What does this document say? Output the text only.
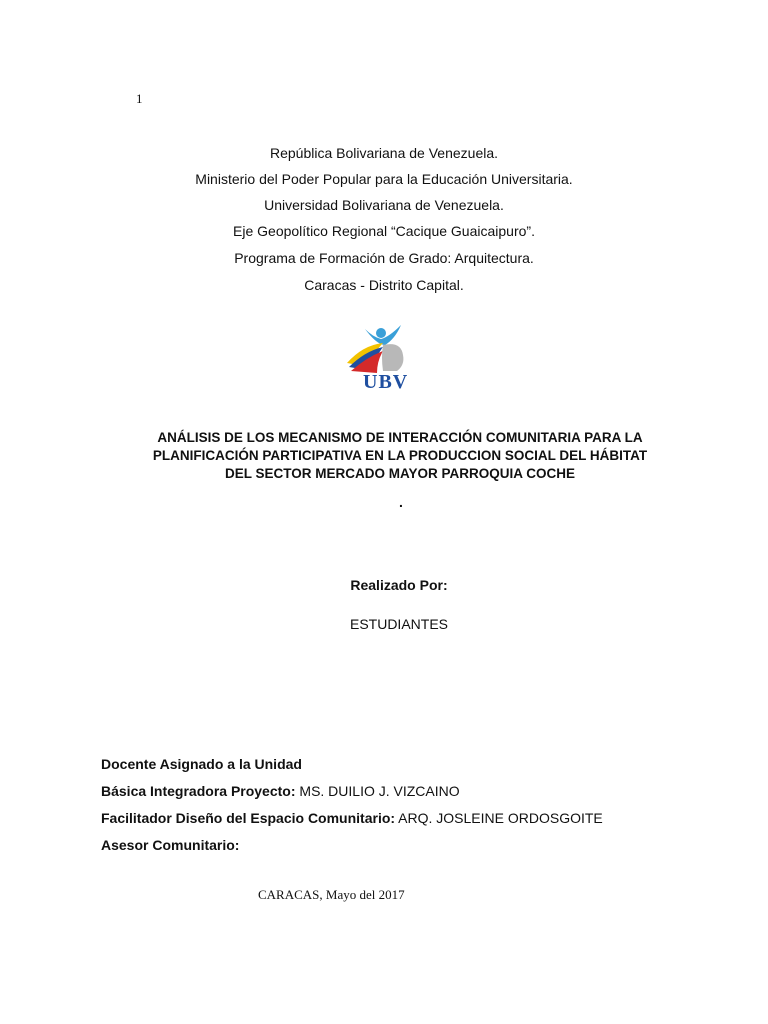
1
República Bolivariana de Venezuela.
Ministerio del Poder Popular para la Educación Universitaria.
Universidad Bolivariana de Venezuela.
Eje Geopolítico Regional “Cacique Guaicaipuro”.
Programa de Formación de Grado: Arquitectura.
Caracas - Distrito Capital.
UBV
ANÁLISIS DE LOS MECANISMO DE INTERACCIÓN COMUNITARIA PARA LA
PLANIFICACIÓN PARTICIPATIVA EN LA PRODUCCION SOCIAL DEL HÁBITAT
DEL SECTOR MERCADO MAYOR PARROQUIA COCHE
.
Realizado Por:
ESTUDIANTES
Docente Asignado a la Unidad
Básica Integradora Proyecto: MS. DUILIO J. VIZCAINO
Facilitador Diseño del Espacio Comunitario: ARQ. JOSLEINE ORDOSGOITE
Asesor Comunitario:
CARACAS, Mayo del 2017
